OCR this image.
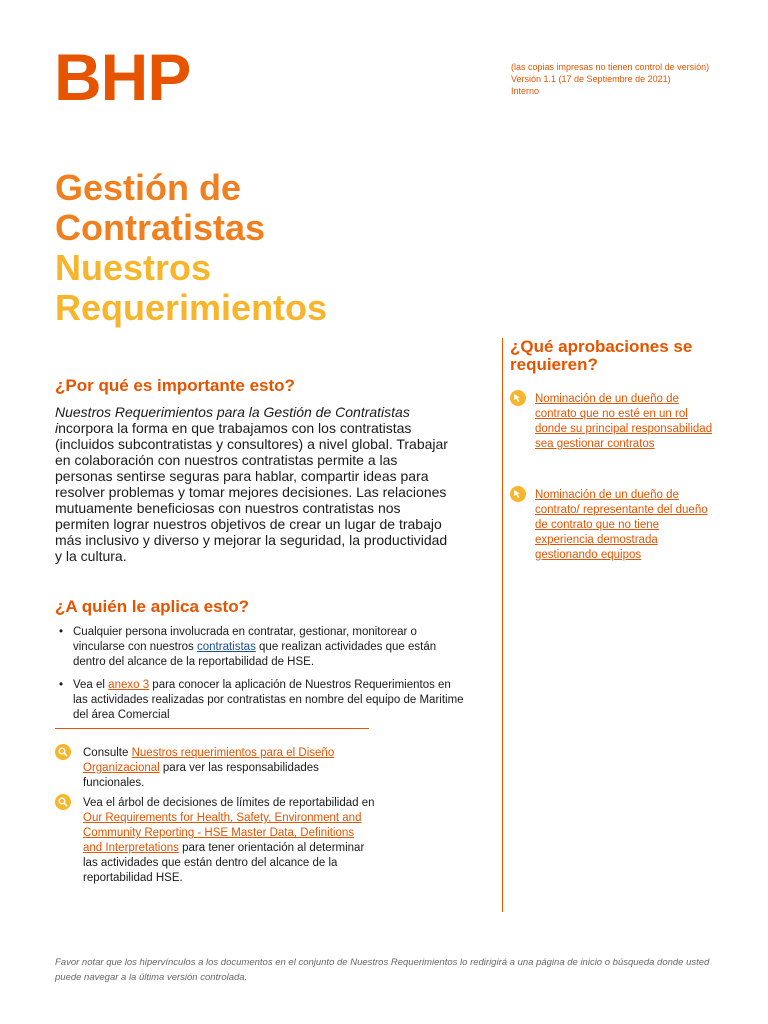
BHP	(las copias impresas no tienen control de versión)
Versión 1.1 (17 de Septiembre de 2021)
Interno
Gestión de
Contratistas
Nuestros
Requerimientos
¿Por qué es importante esto?
Nuestros Requerimientos para la Gestión de Contratistas
incorpora la forma en que trabajamos con los contratistas (incluidos subcontratistas y consultores) a nivel global. Trabajar en colaboración con nuestros contratistas permite a las personas sentirse seguras para hablar, compartir ideas para resolver problemas y tomar mejores decisiones. Las relaciones mutuamente beneficiosas con nuestros contratistas nos permiten lograr nuestros objetivos de crear un lugar de trabajo más inclusivo y diverso y mejorar la seguridad, la productividad y la cultura.
¿A quién le aplica esto?
• Cualquier persona involucrada en contratar, gestionar, monitorear o vincularse con nuestros contratistas que realizan actividades que están dentro del alcance de la reportabilidad de HSE.
• Vea el anexo 3 para conocer la aplicación de Nuestros Requerimientos en las actividades realizadas por contratistas en nombre del equipo de Maritime del área Comercial
Consulte Nuestros requerimientos para el Diseño Organizacional para ver las responsabilidades funcionales.
Vea el árbol de decisiones de límites de reportabilidad en Our Requirements for Health, Safety, Environment and Community Reporting - HSE Master Data, Definitions and Interpretations para tener orientación al determinar las actividades que están dentro del alcance de la reportabilidad HSE.
¿Qué aprobaciones se requieren?
Nominación de un dueño de contrato que no esté en un rol donde su principal responsabilidad sea gestionar contratos
Nominación de un dueño de contrato/ representante del dueño de contrato que no tiene experiencia demostrada gestionando equipos
Favor notar que los hipervínculos a los documentos en el conjunto de Nuestros Requerimientos lo redirigirá a una página de inicio o búsqueda donde usted puede navegar a la última versión controlada.
